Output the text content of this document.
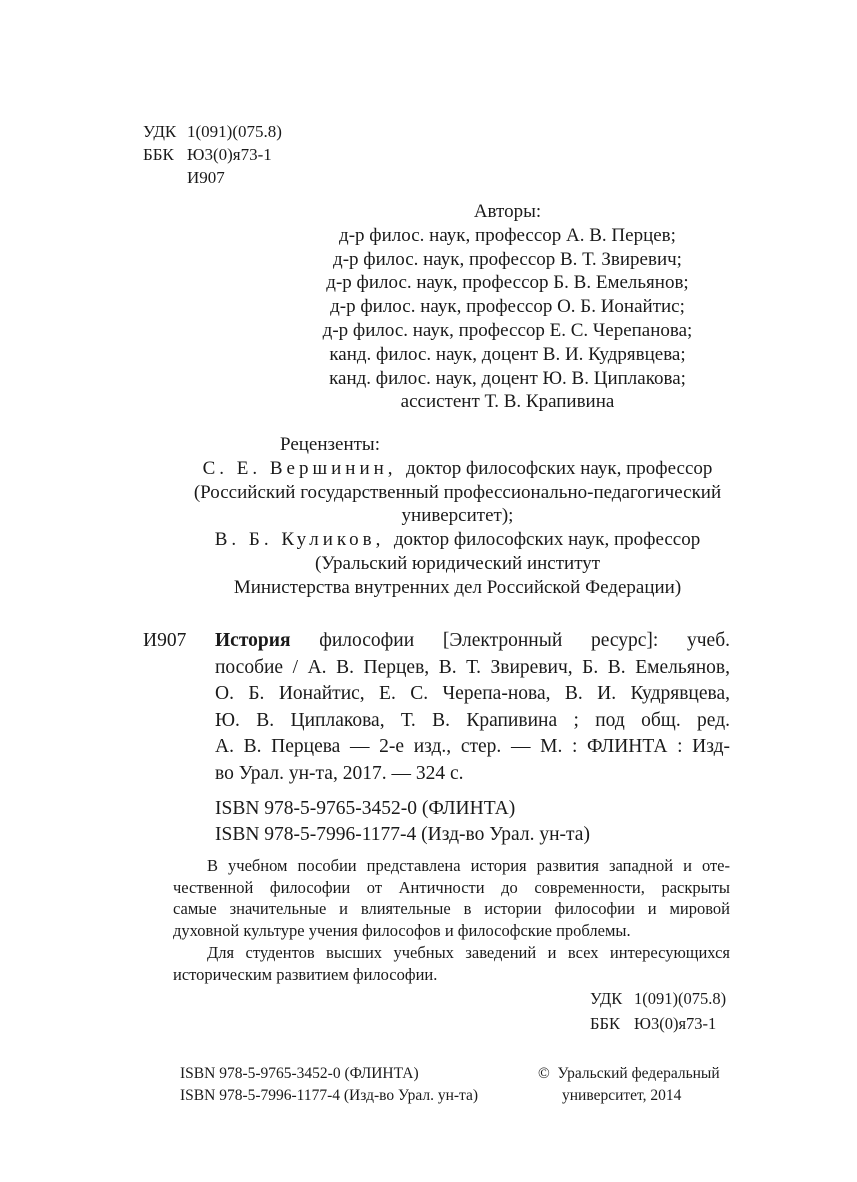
УДК 1(091)(075.8)
ББК Ю3(0)я73-1
И907
Авторы:
д-р филос. наук, профессор А. В. Перцев;
д-р филос. наук, профессор В. Т. Звиревич;
д-р филос. наук, профессор Б. В. Емельянов;
д-р филос. наук, профессор О. Б. Ионайтис;
д-р филос. наук, профессор Е. С. Черепанова;
канд. филос. наук, доцент В. И. Кудрявцева;
канд. филос. наук, доцент Ю. В. Циплакова;
ассистент Т. В. Крапивина
Рецензенты:
С. Е. Вершинин, доктор философских наук, профессор
(Российский государственный профессионально-педагогический
университет);
В. Б. Куликов, доктор философских наук, профессор
(Уральский юридический институт
Министерства внутренних дел Российской Федерации)
И907 История философии [Электронный ресурс]: учеб.
пособие / А. В. Перцев, В. Т. Звиревич, Б. В. Емельянов,
О. Б. Ионайтис, Е. С. Черепа-нова, В. И. Кудрявцева,
Ю. В. Циплакова, Т. В. Крапивина ; под общ. ред.
А. В. Перцева — 2-е изд., стер. — М. : ФЛИНТА : Изд-
во Урал. ун-та, 2017. — 324 с.
ISBN 978-5-9765-3452-0 (ФЛИНТА)
ISBN 978-5-7996-1177-4 (Изд-во Урал. ун-та)
В учебном пособии представлена история развития западной и оте-
чественной философии от Античности до современности, раскрыты
самые значительные и влиятельные в истории философии и мировой
духовной культуре учения философов и философские проблемы.
Для студентов высших учебных заведений и всех интересующихся
историческим развитием философии.
УДК 1(091)(075.8)
ББК Ю3(0)я73-1
ISBN 978-5-9765-3452-0 (ФЛИНТА)
ISBN 978-5-7996-1177-4 (Изд-во Урал. ун-та)
© Уральский федеральный
университет, 2014
